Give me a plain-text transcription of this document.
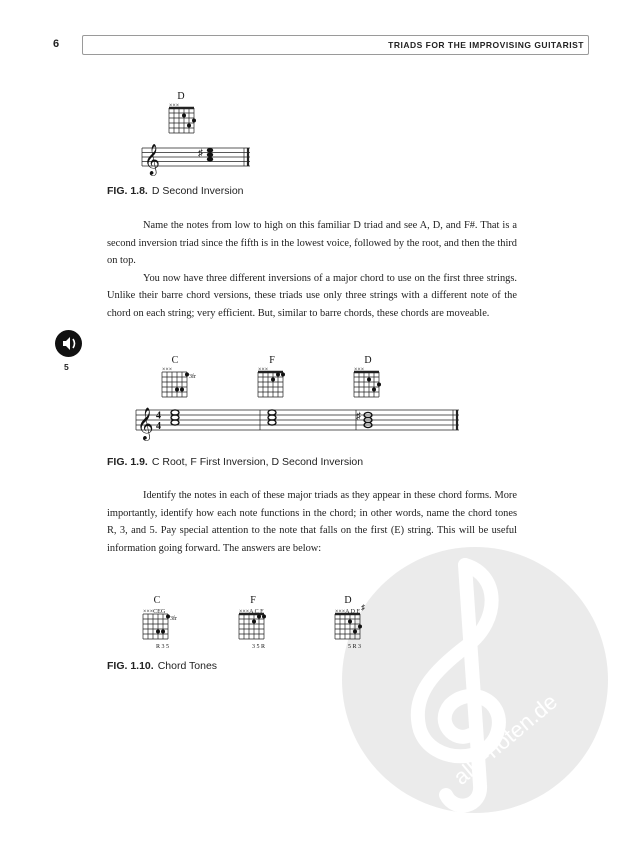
6	TRIADS FOR THE IMPROVISING GUITARIST
alle-noten.de
D
×××
𝄞	♯
FIG. 1.8. D Second Inversion

Name the notes from low to high on this familiar D triad and see A, D, and F#. That is a second inversion triad since the fifth is in the lowest voice, followed by the root, and then the third on top.

You now have three different inversions of a major chord to use on the first three strings. Unlike their barre chord versions, these triads use only three strings with a different note of the chord on each string; very efficient. But, similar to barre chords, these chords are moveable.

5
C
×××
3fr
F
×××
D
×××
𝄞 4
4
♯
FIG. 1.9. C Root, F First Inversion, D Second Inversion

Identify the notes in each of these major triads as they appear in these chord forms. More importantly, identify how each note functions in the chord; in other words, name the chord tones R, 3, and 5. Pay special attention to the note that falls on the first (E) string. This will be useful information going forward. The answers are below:

C
×××CEG
3fr
R 3 5
F
×××A C F
3 5 R
D
×××A D F ♯
5 R 3
FIG. 1.10. Chord Tones
